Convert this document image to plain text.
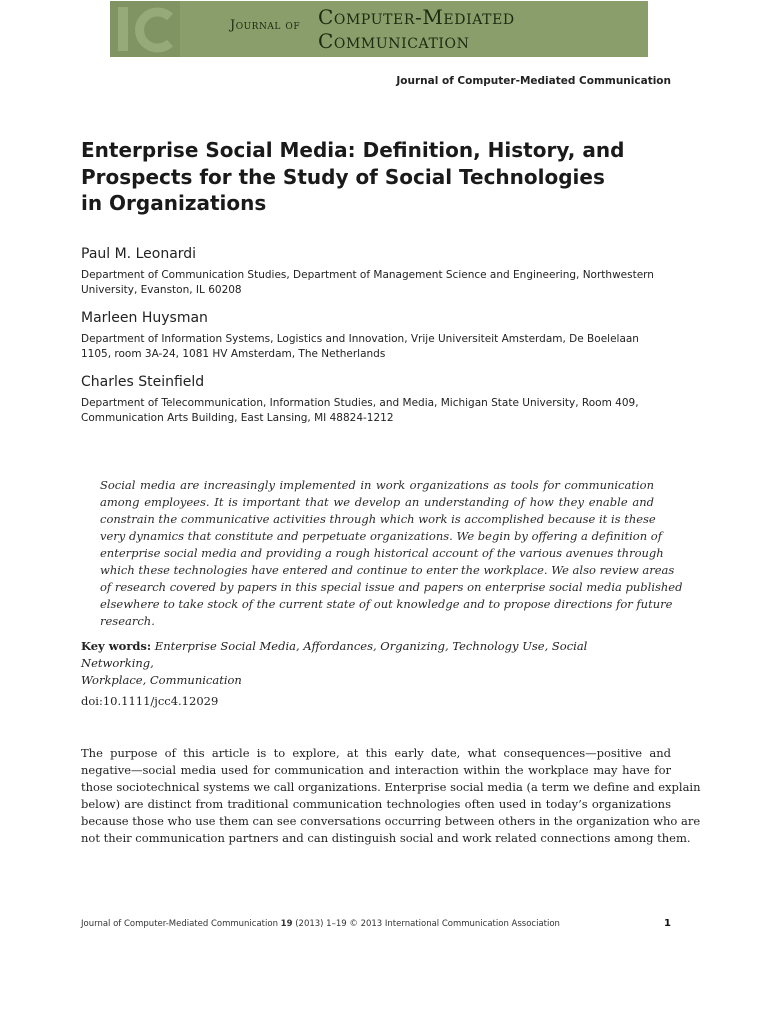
Journal of Computer-Mediated
Communication
Journal of Computer-Mediated Communication
Enterprise Social Media: Definition, History, and
Prospects for the Study of Social Technologies
in Organizations
Paul M. Leonardi
Department of Communication Studies, Department of Management Science and Engineering, Northwestern
University, Evanston, IL 60208
Marleen Huysman
Department of Information Systems, Logistics and Innovation, Vrije Universiteit Amsterdam, De Boelelaan
1105, room 3A-24, 1081 HV Amsterdam, The Netherlands
Charles Steinfield
Department of Telecommunication, Information Studies, and Media, Michigan State University, Room 409,
Communication Arts Building, East Lansing, MI 48824-1212
Social media are increasingly implemented in work organizations as tools for communication
among employees. It is important that we develop an understanding of how they enable and
constrain the communicative activities through which work is accomplished because it is these
very dynamics that constitute and perpetuate organizations. We begin by offering a definition of
enterprise social media and providing a rough historical account of the various avenues through
which these technologies have entered and continue to enter the workplace. We also review areas
of research covered by papers in this special issue and papers on enterprise social media published
elsewhere to take stock of the current state of out knowledge and to propose directions for future
research.
Key words: Enterprise Social Media, Affordances, Organizing, Technology Use, Social Networking,
Workplace, Communication
doi:10.1111/jcc4.12029
The purpose of this article is to explore, at this early date, what consequences—positive and
negative—social media used for communication and interaction within the workplace may have for
those sociotechnical systems we call organizations. Enterprise social media (a term we define and explain
below) are distinct from traditional communication technologies often used in today’s organizations
because those who use them can see conversations occurring between others in the organization who are
not their communication partners and can distinguish social and work related connections among them.
Journal of Computer-Mediated Communication 19 (2013) 1–19 © 2013 International Communication Association	1
